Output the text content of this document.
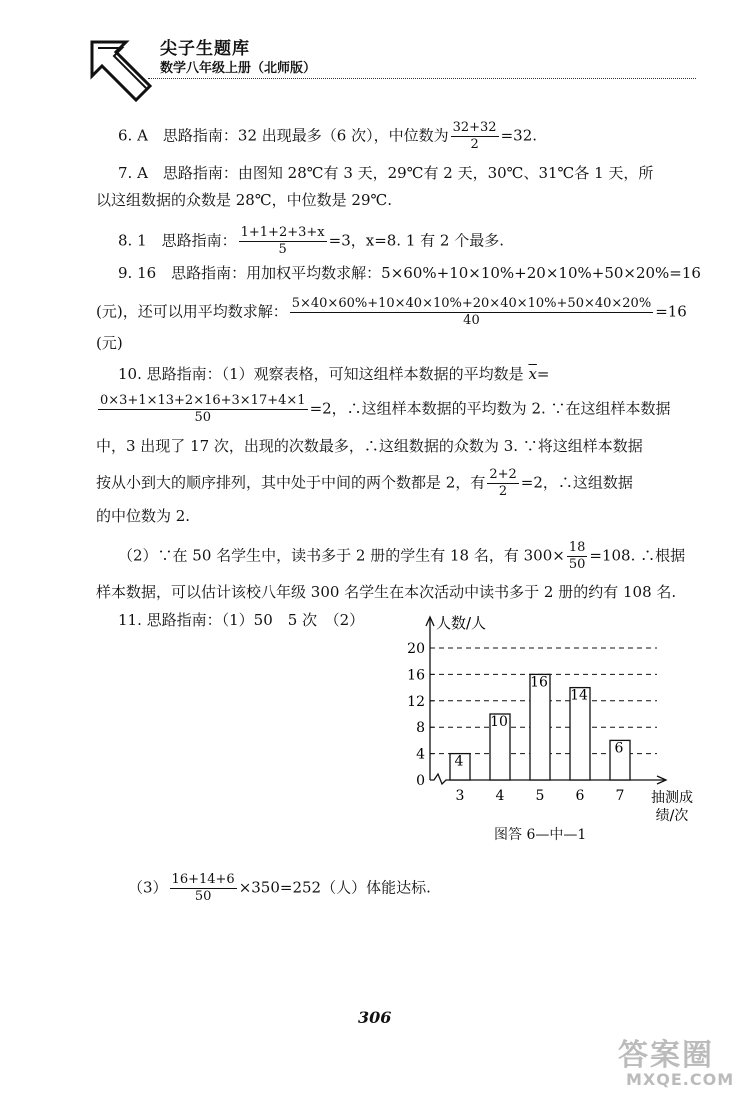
尖子生题库
数学八年级上册（北师版）
6. A　思路指南：32 出现最多（6 次），中位数为 $\frac{32+32}{2} =32$.
7. A　思路指南：由图知 28℃有 3 天，29℃有 2 天，30℃、31℃各 1 天，所
以这组数据的众数是 28℃，中位数是 29℃.
8. 1　思路指南： $\frac{1+1+2+3+x}{5} =3$，x=8. 1 有 2 个最多.
9. 16　思路指南：用加权平均数求解：5×60%+10×10%+20×10%+50×20%=16
(元)，还可以用平均数求解： $\frac{5\times 40\times 60\%+10\times 40\times 10\%+20\times 40\times 10\%+50\times 40\times 20\%}{40} =16$
(元)
10. 思路指南：（1）观察表格，可知这组样本数据的平均数是 $\overline{x}=$
$\frac{0\times 3+1\times 13+2\times 16+3\times 17+4\times 1}{50} =2$，∴这组样本数据的平均数为 2. ∵在这组样本数据
中，3 出现了 17 次，出现的次数最多，∴这组数据的众数为 3. ∵将这组样本数据
按从小到大的顺序排列，其中处于中间的两个数都是 2，有 $\frac{2+2}{2} =2$，∴这组数据
的中位数为 2.
（2）∵在 50 名学生中，读书多于 2 册的学生有 18 名，有 $300\times \frac{18}{50} =108$. ∴根据
样本数据，可以估计该校八年级 300 名学生在本次活动中读书多于 2 册的约有 108 名.
11. 思路指南：（1）50　5 次　（2）
0
4
8
12
16
20
人数/人
4
3
10
4
16
5
14
6
6
7 抽测成
绩/次
图答 6—中—1
$(3) \frac{16+14+6}{50} \times 350=252$（人）体能达标.
306
答案圈
MXQE.COM
